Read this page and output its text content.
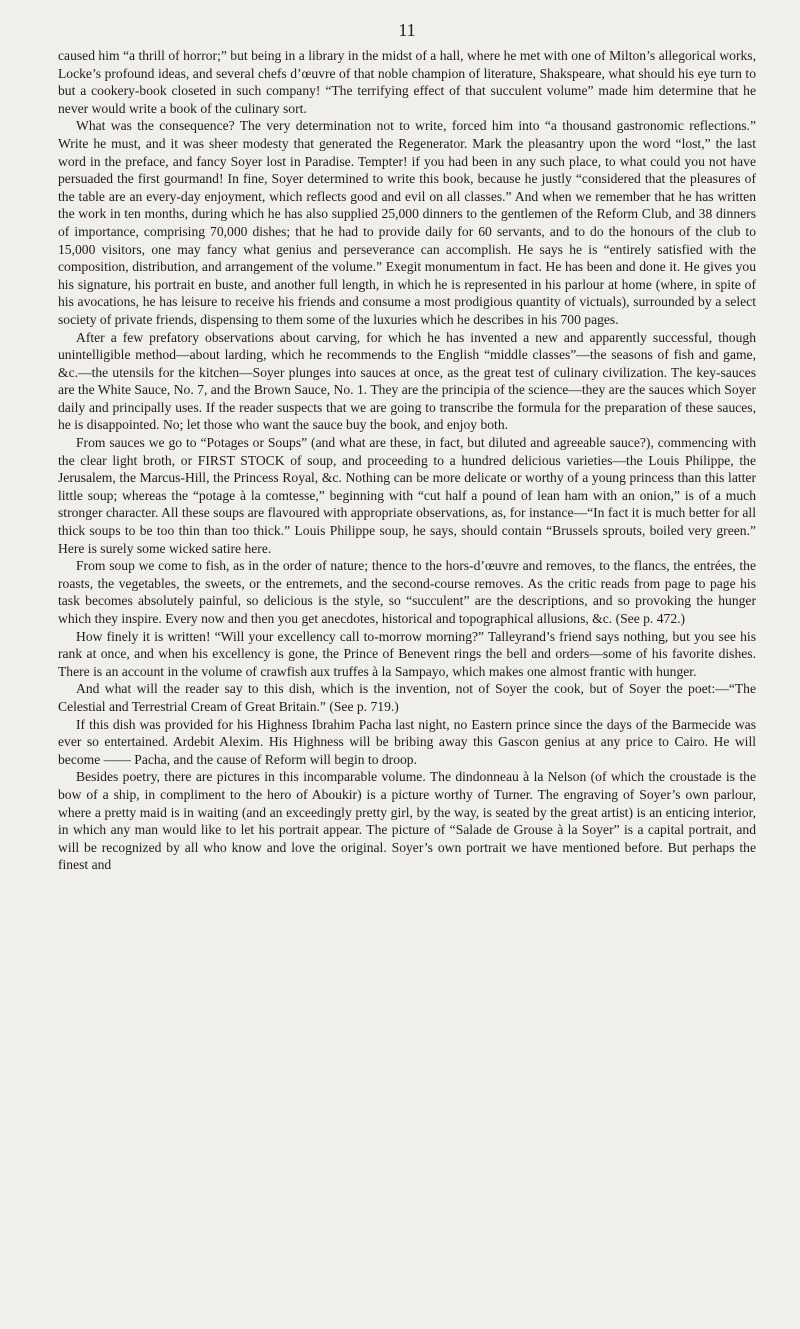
11

caused him “a thrill of horror;” but being in a library in the midst of a hall, where he met with one of Milton’s allegorical works, Locke’s profound ideas, and several chefs d’œuvre of that noble champion of literature, Shakspeare, what should his eye turn to but a cookery-book closeted in such company! “The terrifying effect of that succulent volume” made him determine that he never would write a book of the culinary sort.

What was the consequence? The very determination not to write, forced him into “a thousand gastronomic reflections.” Write he must, and it was sheer modesty that generated the Regenerator. Mark the pleasantry upon the word “lost,” the last word in the preface, and fancy Soyer lost in Paradise. Tempter! if you had been in any such place, to what could you not have persuaded the first gourmand! In fine, Soyer determined to write this book, because he justly “considered that the pleasures of the table are an every-day enjoyment, which reflects good and evil on all classes.” And when we remember that he has written the work in ten months, during which he has also supplied 25,000 dinners to the gentlemen of the Reform Club, and 38 dinners of importance, comprising 70,000 dishes; that he had to provide daily for 60 servants, and to do the honours of the club to 15,000 visitors, one may fancy what genius and perseverance can accomplish. He says he is “entirely satisfied with the composition, distribution, and arrangement of the volume.” Exegit monumentum in fact. He has been and done it. He gives you his signature, his portrait en buste, and another full length, in which he is represented in his parlour at home (where, in spite of his avocations, he has leisure to receive his friends and consume a most prodigious quantity of victuals), surrounded by a select society of private friends, dispensing to them some of the luxuries which he describes in his 700 pages.

After a few prefatory observations about carving, for which he has invented a new and apparently successful, though unintelligible method—about larding, which he recommends to the English “middle classes”—the seasons of fish and game, &c.—the utensils for the kitchen—Soyer plunges into sauces at once, as the great test of culinary civilization. The key-sauces are the White Sauce, No. 7, and the Brown Sauce, No. 1. They are the principia of the science—they are the sauces which Soyer daily and principally uses. If the reader suspects that we are going to transcribe the formula for the preparation of these sauces, he is disappointed. No; let those who want the sauce buy the book, and enjoy both.

From sauces we go to “Potages or Soups” (and what are these, in fact, but diluted and agreeable sauce?), commencing with the clear light broth, or FIRST STOCK of soup, and proceeding to a hundred delicious varieties—the Louis Philippe, the Jerusalem, the Marcus-Hill, the Princess Royal, &c. Nothing can be more delicate or worthy of a young princess than this latter little soup; whereas the “potage à la comtesse,” beginning with “cut half a pound of lean ham with an onion,” is of a much stronger character. All these soups are flavoured with appropriate observations, as, for instance—“In fact it is much better for all thick soups to be too thin than too thick.” Louis Philippe soup, he says, should contain “Brussels sprouts, boiled very green.” Here is surely some wicked satire here.

From soup we come to fish, as in the order of nature; thence to the hors-d’œuvre and removes, to the flancs, the entrées, the roasts, the vegetables, the sweets, or the entremets, and the second-course removes. As the critic reads from page to page his task becomes absolutely painful, so delicious is the style, so “succulent” are the descriptions, and so provoking the hunger which they inspire. Every now and then you get anecdotes, historical and topographical allusions, &c. (See p. 472.)

How finely it is written! “Will your excellency call to-morrow morning?” Talleyrand’s friend says nothing, but you see his rank at once, and when his excellency is gone, the Prince of Benevent rings the bell and orders—some of his favorite dishes. There is an account in the volume of crawfish aux truffes à la Sampayo, which makes one almost frantic with hunger.

And what will the reader say to this dish, which is the invention, not of Soyer the cook, but of Soyer the poet:—“The Celestial and Terrestrial Cream of Great Britain.” (See p. 719.)

If this dish was provided for his Highness Ibrahim Pacha last night, no Eastern prince since the days of the Barmecide was ever so entertained. Ardebit Alexim. His Highness will be bribing away this Gascon genius at any price to Cairo. He will become —— Pacha, and the cause of Reform will begin to droop.

Besides poetry, there are pictures in this incomparable volume. The dindonneau à la Nelson (of which the croustade is the bow of a ship, in compliment to the hero of Aboukir) is a picture worthy of Turner. The engraving of Soyer’s own parlour, where a pretty maid is in waiting (and an exceedingly pretty girl, by the way, is seated by the great artist) is an enticing interior, in which any man would like to let his portrait appear. The picture of “Salade de Grouse à la Soyer” is a capital portrait, and will be recognized by all who know and love the original. Soyer’s own portrait we have mentioned before. But perhaps the finest and
